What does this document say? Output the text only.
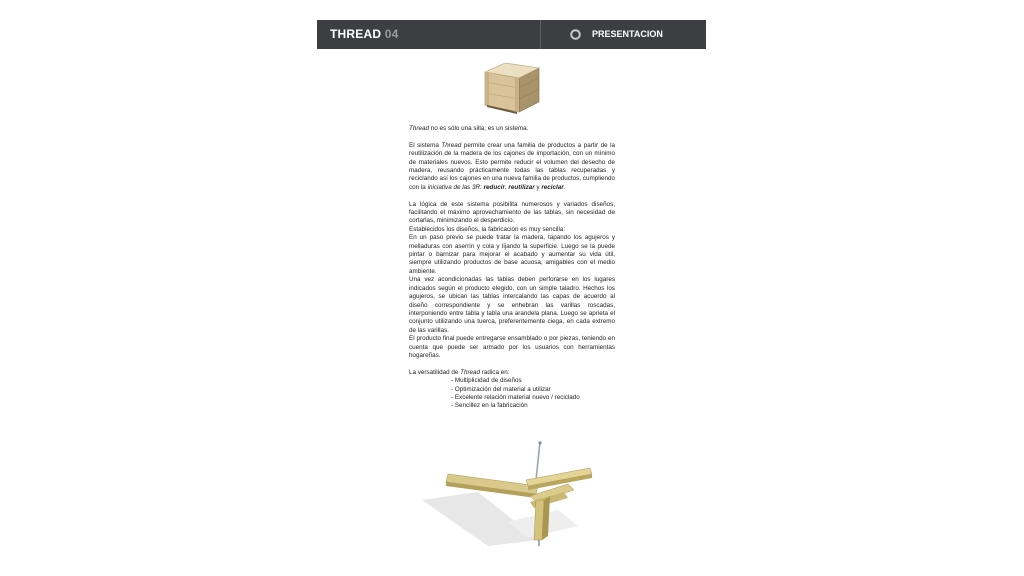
THREAD 04	PRESENTACION

Thread no es sólo una silla; es un sistema.

El sistema Thread permite crear una familia de productos a partir de la reutilización de la madera de los cajones de importación, con un mínimo de materiales nuevos. Esto permite reducir el volumen del desecho de madera, reusando prácticamente todas las tablas recuperadas y reciclando así los cajones en una nueva familia de productos, cumpliendo con la iniciativa de las 3R: reducir, reutilizar y reciclar.

La lógica de este sistema posibilita numerosos y variados diseños, facilitando el máximo aprovechamiento de las tablas, sin necesidad de cortarlas, minimizando el desperdicio.

Establecidos los diseños, la fabricación es muy sencilla:

En un paso previo se puede tratar la madera, tapando los agujeros y melladuras con aserrín y cola y lijando la superficie. Luego se la puede pintar o barnizar para mejorar el acabado y aumentar su vida útil, siempre utilizando productos de base acuosa, amigables con el medio ambiente.

Una vez acondicionadas las tablas deben perforarse en los lugares indicados según el producto elegido, con un simple taladro. Hechos los agujeros, se ubican las tablas intercalando las capas de acuerdo al diseño correspondiente y se enhebran las varillas roscadas, interponiendo entre tabla y tabla una arandela plana. Luego se aprieta el conjunto utilizando una tuerca, preferentemente ciega, en cada extremo de las varillas.

El producto final puede entregarse ensamblado o por piezas, teniendo en cuenta que puede ser armado por los usuarios con herramientas hogareñas.

La versatilidad de Thread radica en:

- Multiplicidad de diseños
- Optimización del material a utilizar
- Excelente relación material nuevo / reciclado
- Sencillez en la fabricación
